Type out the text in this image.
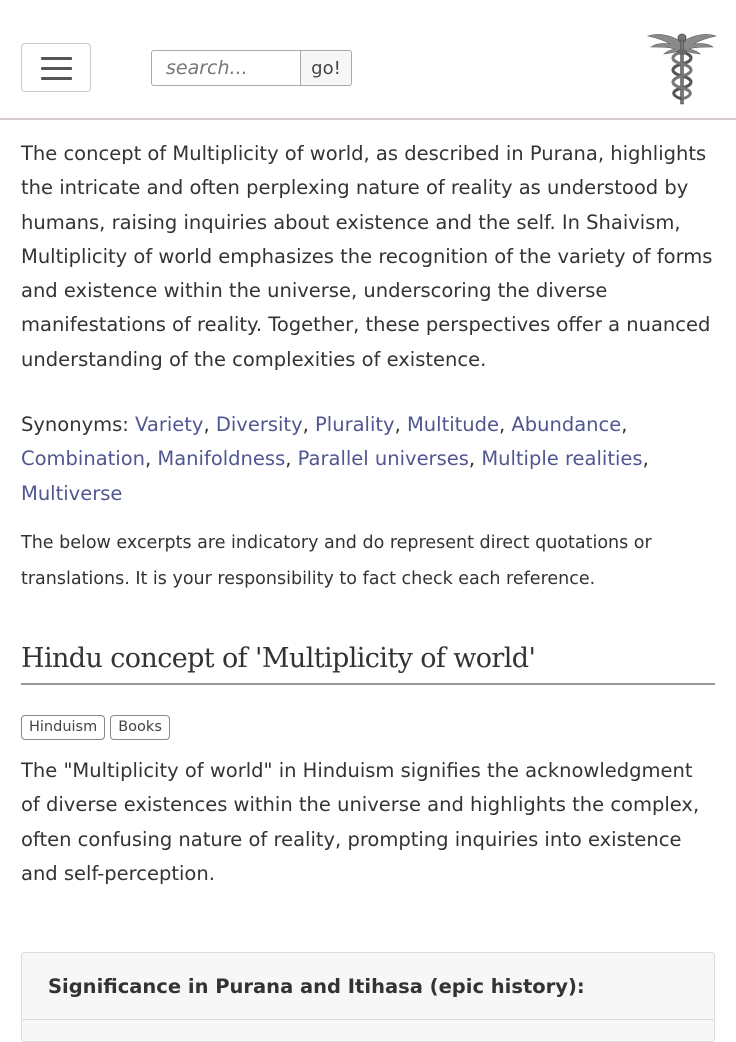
search...
go!

The concept of Multiplicity of world, as described in Purana, highlights the intricate and often perplexing nature of reality as understood by humans, raising inquiries about existence and the self. In Shaivism, Multiplicity of world emphasizes the recognition of the variety of forms and existence within the universe, underscoring the diverse manifestations of reality. Together, these perspectives offer a nuanced understanding of the complexities of existence.

Synonyms: Variety, Diversity, Plurality, Multitude, Abundance, Combination, Manifoldness, Parallel universes, Multiple realities, Multiverse

The below excerpts are indicatory and do represent direct quotations or translations. It is your responsibility to fact check each reference.

Hindu concept of 'Multiplicity of world'
Hinduism Books

The "Multiplicity of world" in Hinduism signifies the acknowledgment of diverse existences within the universe and highlights the complex, often confusing nature of reality, prompting inquiries into existence and self-perception.

Significance in Purana and Itihasa (epic history):
